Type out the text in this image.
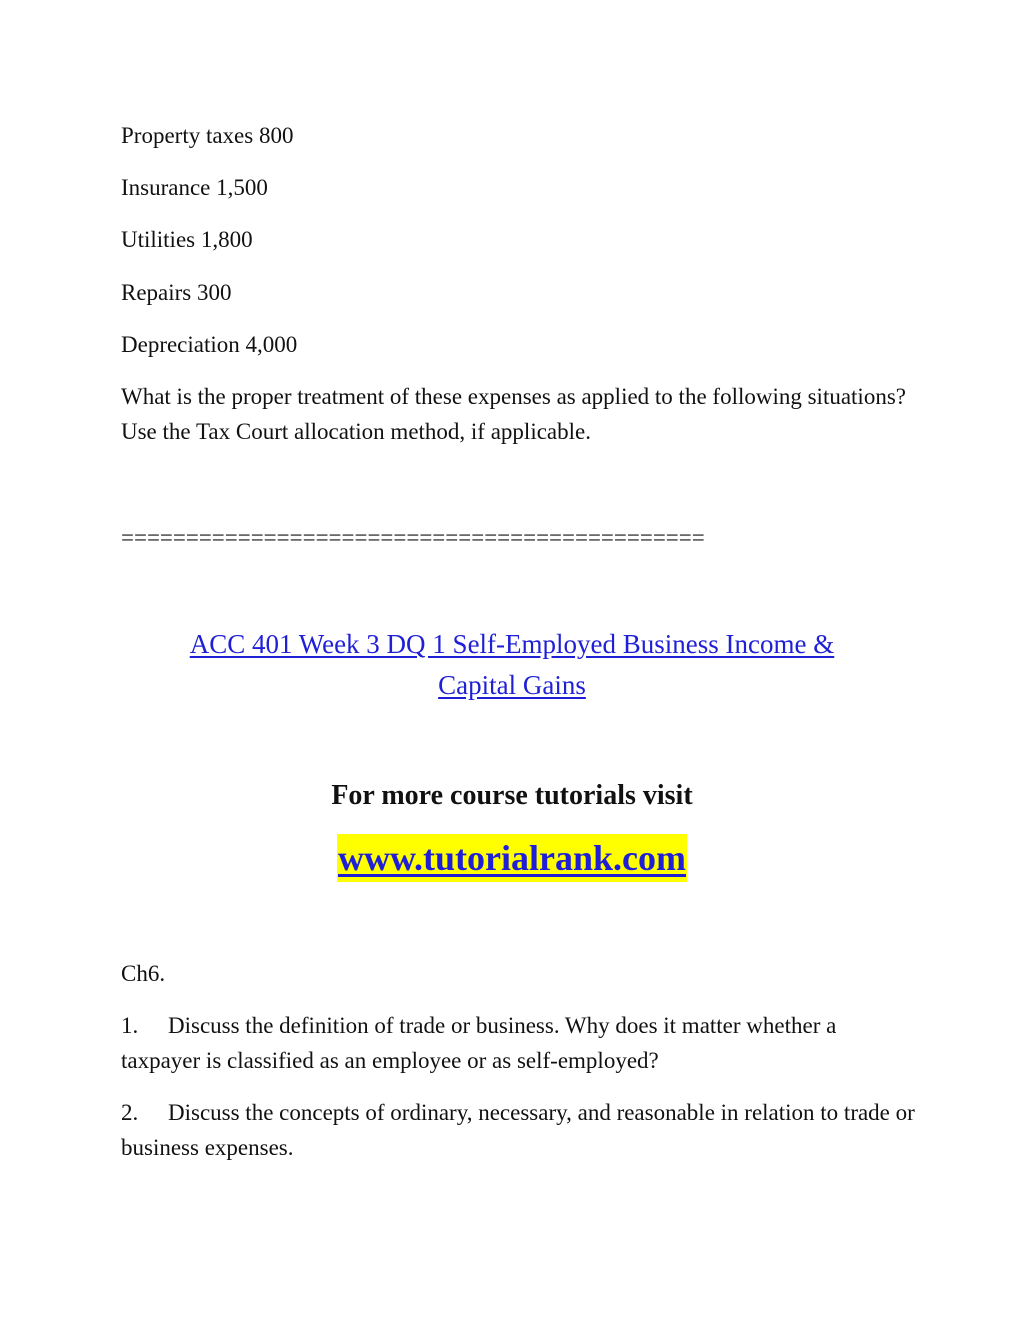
Property taxes 800
Insurance 1,500
Utilities 1,800
Repairs 300
Depreciation 4,000
What is the proper treatment of these expenses as applied to the following situations? Use the Tax Court allocation method, if applicable.
=============================================
ACC 401 Week 3 DQ 1 Self-Employed Business Income &
Capital Gains
For more course tutorials visit
www.tutorialrank.com
Ch6.
1. Discuss the definition of trade or business. Why does it matter whether a taxpayer is classified as an employee or as self-employed?
2. Discuss the concepts of ordinary, necessary, and reasonable in relation to trade or business expenses.
